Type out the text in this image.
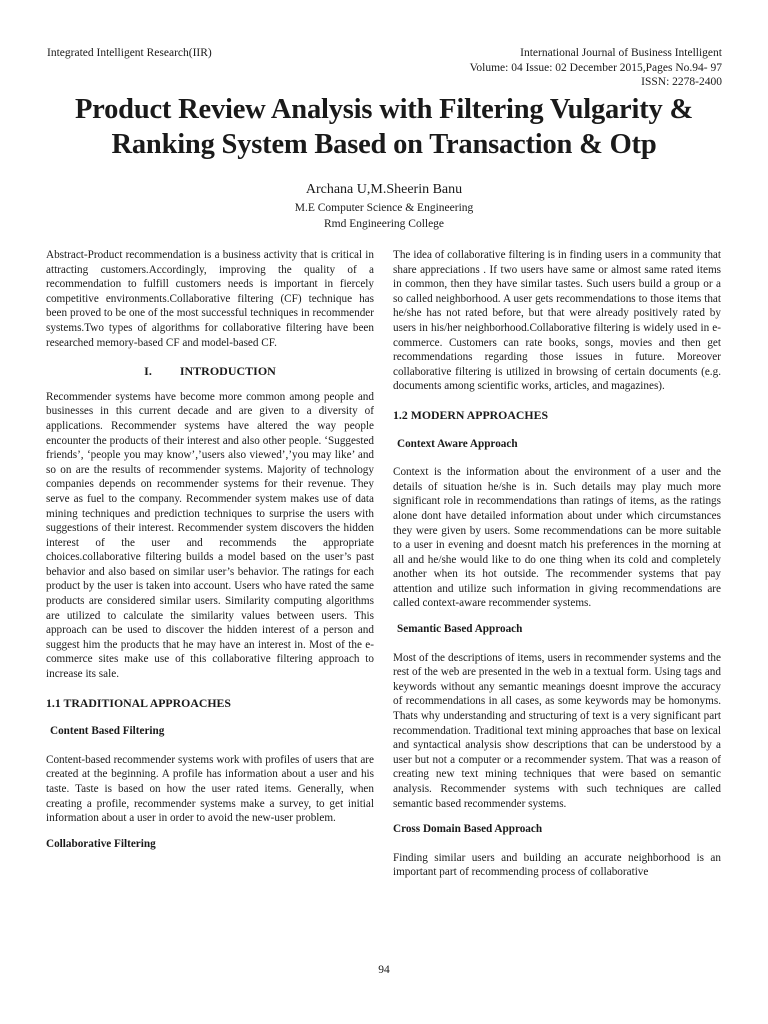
Integrated Intelligent Research(IIR)	International Journal of Business Intelligent
Volume: 04 Issue: 02 December 2015,Pages No.94- 97
ISSN: 2278-2400
Product Review Analysis with Filtering Vulgarity &
Ranking System Based on Transaction & Otp
Archana U,M.Sheerin Banu
M.E Computer Science & Engineering
Rmd Engineering College

Abstract-Product recommendation is a business activity that is critical in attracting customers.Accordingly, improving the quality of a recommendation to fulfill customers needs is important in fiercely competitive environments.Collaborative filtering (CF) technique has been proved to be one of the most successful techniques in recommender systems.Two types of algorithms for collaborative filtering have been researched memory-based CF and model-based CF.

I. INTRODUCTION

Recommender systems have become more common among people and businesses in this current decade and are given to a diversity of applications. Recommender systems have altered the way people encounter the products of their interest and also other people. ‘Suggested friends’, ‘people you may know’,’users also viewed’,’you may like’ and so on are the results of recommender systems. Majority of technology companies depends on recommender systems for their revenue. They serve as fuel to the company. Recommender system makes use of data mining techniques and prediction techniques to surprise the users with suggestions of their interest. Recommender system discovers the hidden interest of the user and recommends the appropriate choices.collaborative filtering builds a model based on the user’s past behavior and also based on similar user’s behavior. The ratings for each product by the user is taken into account. Users who have rated the same products are considered similar users. Similarity computing algorithms are utilized to calculate the similarity values between users. This approach can be used to discover the hidden interest of a person and suggest him the products that he may have an interest in. Most of the e-commerce sites make use of this collaborative filtering approach to increase its sale.

1.1 TRADITIONAL APPROACHES
Content Based Filtering

Content-based recommender systems work with profiles of users that are created at the beginning. A profile has information about a user and his taste. Taste is based on how the user rated items. Generally, when creating a profile, recommender systems make a survey, to get initial information about a user in order to avoid the new-user problem.

Collaborative Filtering

The idea of collaborative filtering is in finding users in a community that share appreciations . If two users have same or almost same rated items in common, then they have similar tastes. Such users build a group or a so called neighborhood. A user gets recommendations to those items that he/she has not rated before, but that were already positively rated by users in his/her neighborhood.Collaborative filtering is widely used in e-commerce. Customers can rate books, songs, movies and then get recommendations regarding those issues in future. Moreover collaborative filtering is utilized in browsing of certain documents (e.g. documents among scientific works, articles, and magazines).

1.2 MODERN APPROACHES
Context Aware Approach

Context is the information about the environment of a user and the details of situation he/she is in. Such details may play much more significant role in recommendations than ratings of items, as the ratings alone dont have detailed information about under which circumstances they were given by users. Some recommendations can be more suitable to a user in evening and doesnt match his preferences in the morning at all and he/she would like to do one thing when its cold and completely another when its hot outside. The recommender systems that pay attention and utilize such information in giving recommendations are called context-aware recommender systems.

Semantic Based Approach

Most of the descriptions of items, users in recommender systems and the rest of the web are presented in the web in a textual form. Using tags and keywords without any semantic meanings doesnt improve the accuracy of recommendations in all cases, as some keywords may be homonyms. Thats why understanding and structuring of text is a very significant part recommendation. Traditional text mining approaches that base on lexical and syntactical analysis show descriptions that can be understood by a user but not a computer or a recommender system. That was a reason of creating new text mining techniques that were based on semantic analysis. Recommender systems with such techniques are called semantic based recommender systems.

Cross Domain Based Approach

Finding similar users and building an accurate neighborhood is an important part of recommending process of collaborative

94
